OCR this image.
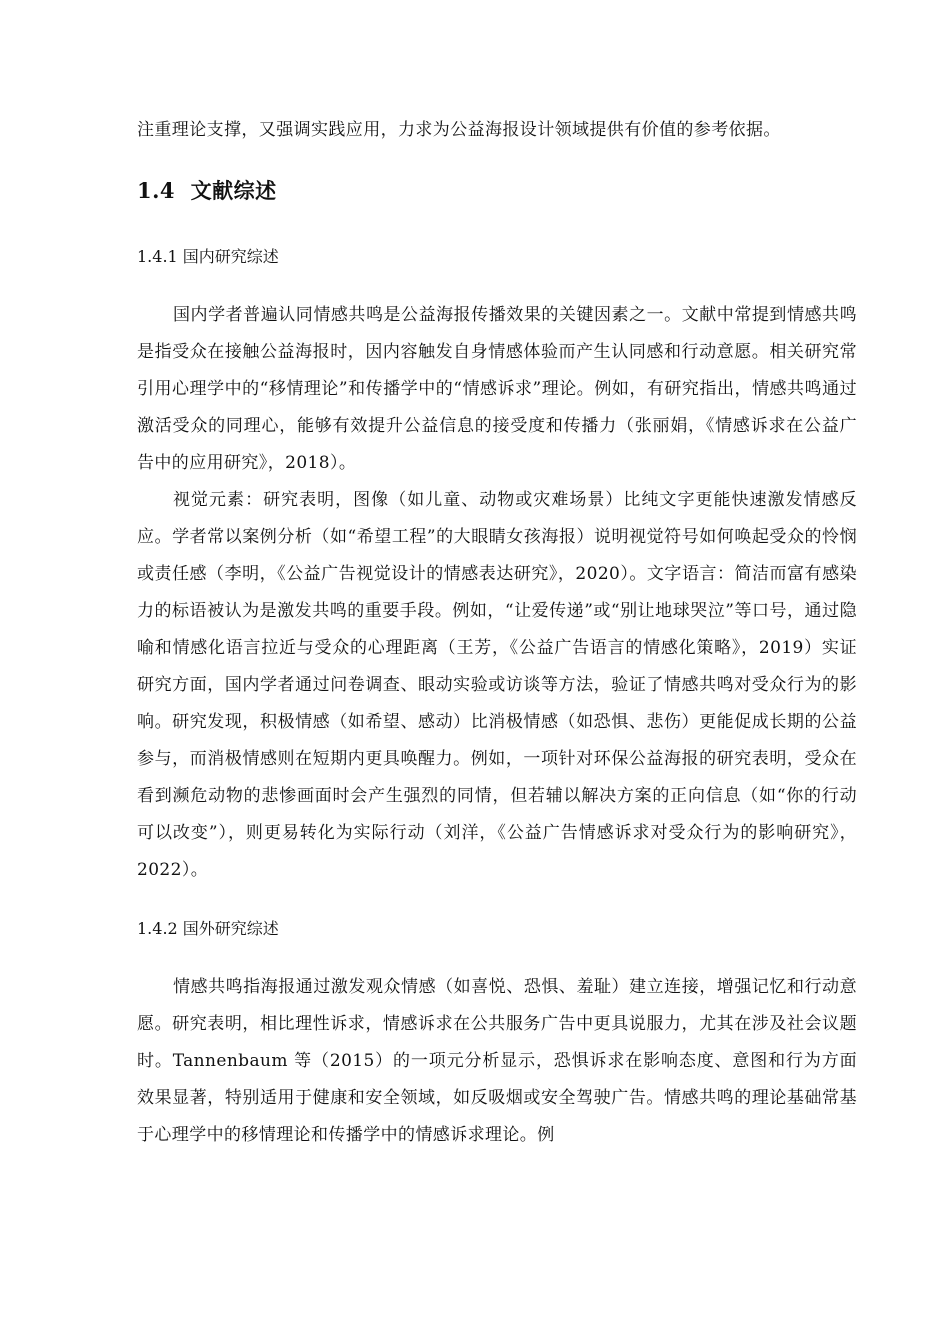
注重理论支撑，又强调实践应用，力求为公益海报设计领域提供有价值的参考依据。

1.4 文献综述
1.4.1 国内研究综述

国内学者普遍认同情感共鸣是公益海报传播效果的关键因素之一。文献中常提到情感共鸣是指受众在接触公益海报时，因内容触发自身情感体验而产生认同感和行动意愿。相关研究常引用心理学中的“移情理论”和传播学中的“情感诉求”理论。例如，有研究指出，情感共鸣通过激活受众的同理心，能够有效提升公益信息的接受度和传播力（张丽娟，《情感诉求在公益广告中的应用研究》，2018）。

视觉元素：研究表明，图像（如儿童、动物或灾难场景）比纯文字更能快速激发情感反应。学者常以案例分析（如“希望工程”的大眼睛女孩海报）说明视觉符号如何唤起受众的怜悯或责任感（李明，《公益广告视觉设计的情感表达研究》，2020）。文字语言：简洁而富有感染力的标语被认为是激发共鸣的重要手段。例如，“让爱传递”或“别让地球哭泣”等口号，通过隐喻和情感化语言拉近与受众的心理距离（王芳，《公益广告语言的情感化策略》，2019）实证研究方面，国内学者通过问卷调查、眼动实验或访谈等方法，验证了情感共鸣对受众行为的影响。研究发现，积极情感（如希望、感动）比消极情感（如恐惧、悲伤）更能促成长期的公益参与，而消极情感则在短期内更具唤醒力。例如，一项针对环保公益海报的研究表明，受众在看到濒危动物的悲惨画面时会产生强烈的同情，但若辅以解决方案的正向信息（如“你的行动可以改变”），则更易转化为实际行动（刘洋，《公益广告情感诉求对受众行为的影响研究》，2022）。

1.4.2 国外研究综述

情感共鸣指海报通过激发观众情感（如喜悦、恐惧、羞耻）建立连接，增强记忆和行动意愿。研究表明，相比理性诉求，情感诉求在公共服务广告中更具说服力，尤其在涉及社会议题时。Tannenbaum 等（2015）的一项元分析显示，恐惧诉求在影响态度、意图和行为方面效果显著，特别适用于健康和安全领域，如反吸烟或安全驾驶广告。情感共鸣的理论基础常基于心理学中的移情理论和传播学中的情感诉求理论。例
